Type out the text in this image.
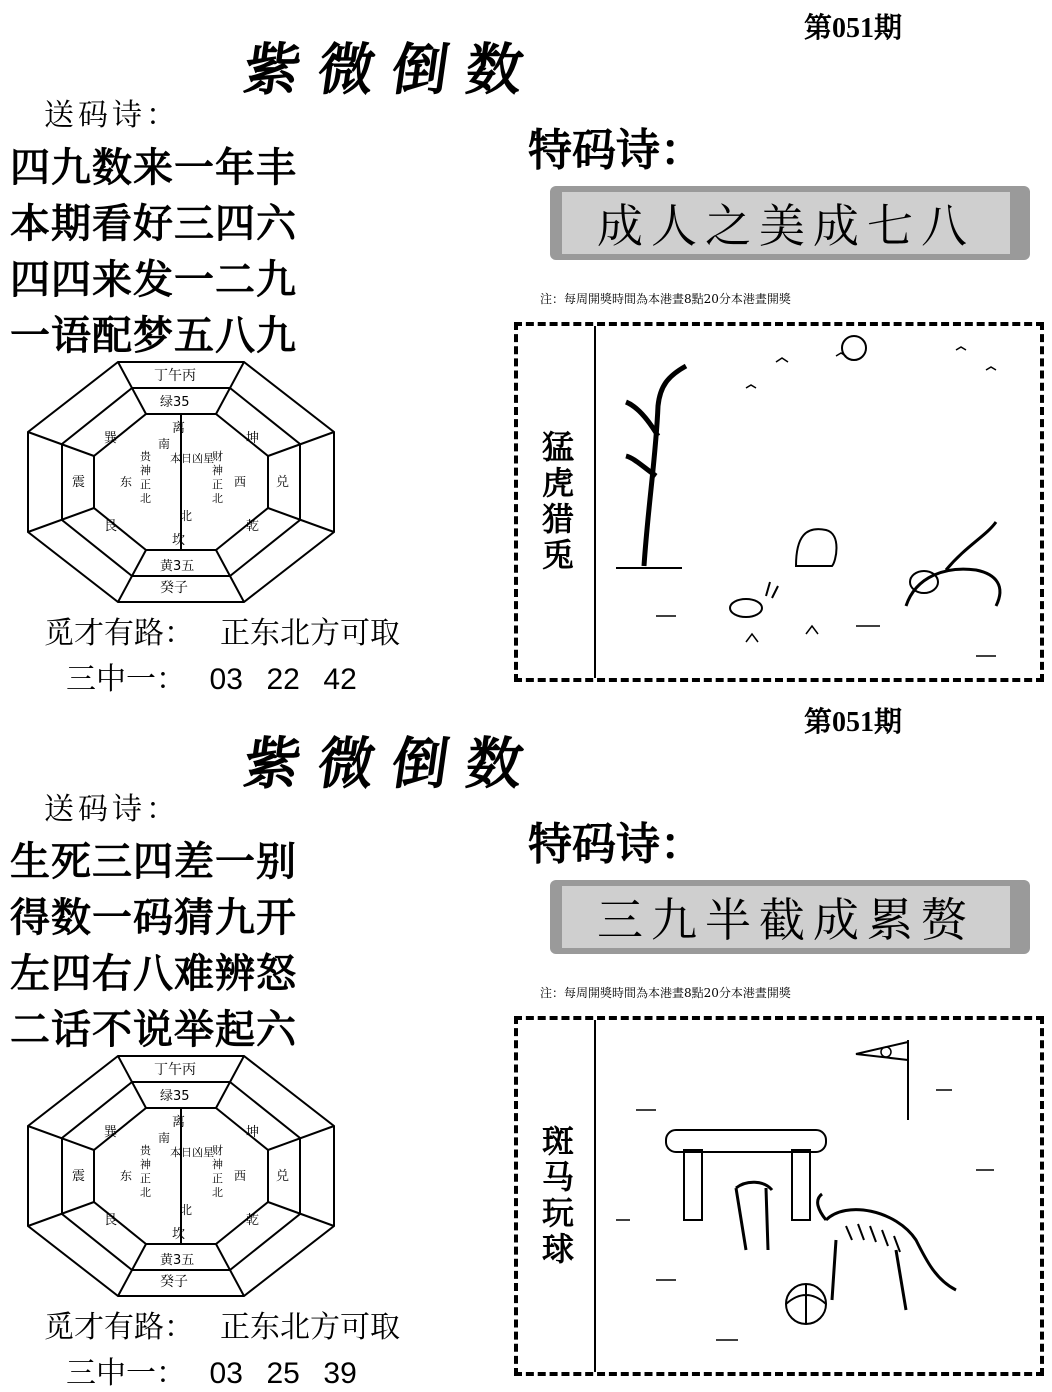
第051期
紫微倒数
送码诗：
四九数来一年丰
本期看好三四六
四四来发一二九
一语配梦五八九
丁午丙
癸子
绿35
黄3五
离
坎
巽	坤
震	兑
艮	乾
南
本日凶星
北
贵
神
正
北
财
神
正
北
东	西
觅才有路： 正东北方可取
三中一： 03 22 42
特码诗：
成人之美成七八
注：每周開獎時間為本港晝8點20分本港晝開獎
猛虎猎兎
第051期
紫微倒数
送码诗：
生死三四差一别
得数一码猜九开
左四右八难辨怒
二话不说举起六
丁午丙
癸子
绿35
黄3五
离
坎
巽	坤
震	兑
艮	乾
南
本日凶星
北
贵
神
正
北
财
神
正
北
东	西
觅才有路： 正东北方可取
三中一： 03 25 39
特码诗：
三九半截成累赘
注：每周開獎時間為本港晝8點20分本港晝開獎
斑马玩球
